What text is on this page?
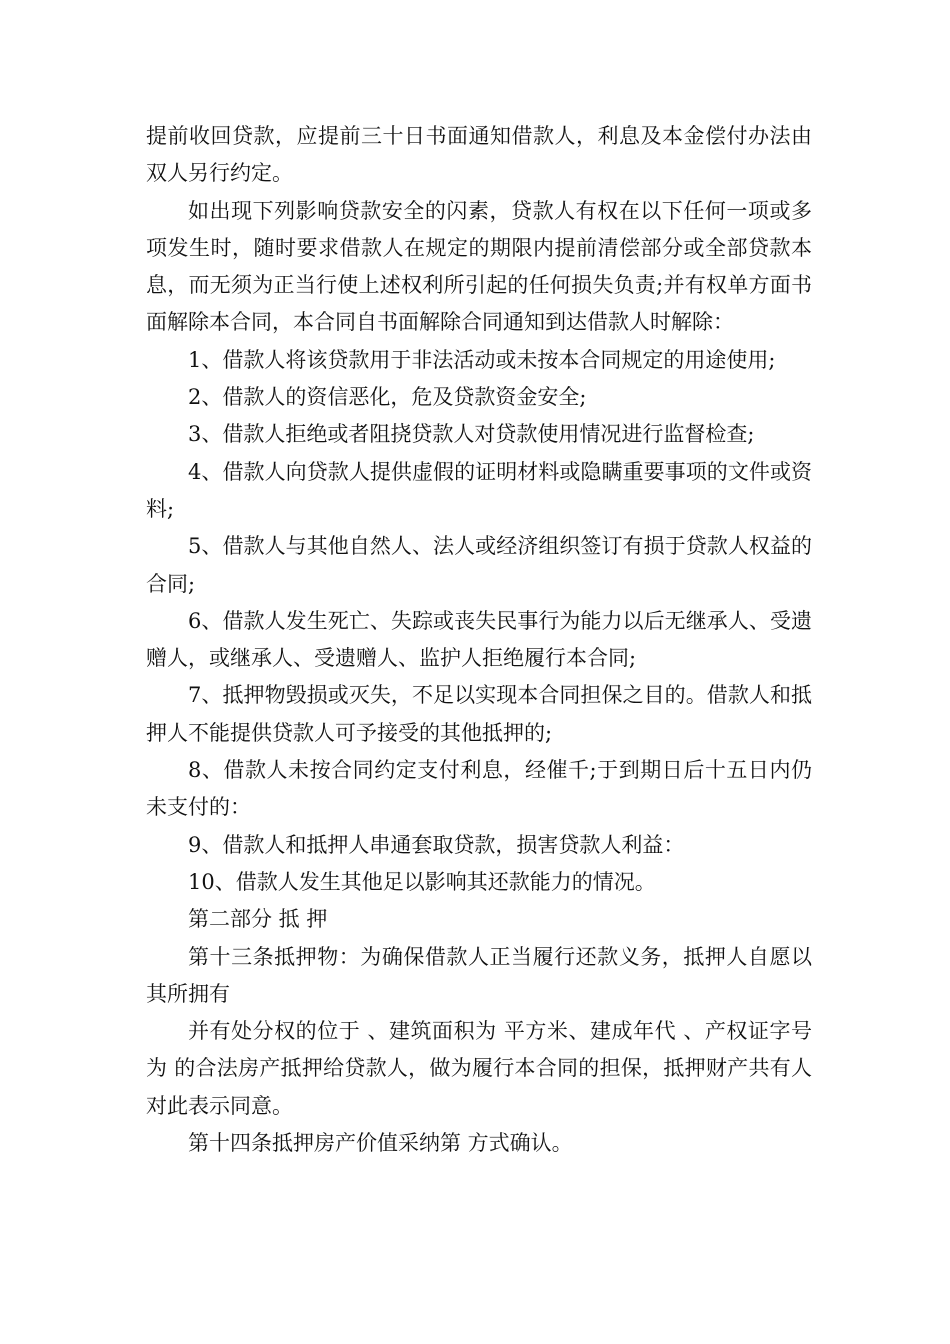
提前收回贷款，应提前三十日书面通知借款人，利息及本金偿付办法由双人另行约定。

如出现下列影响贷款安全的闪素，贷款人有权在以下任何一项或多项发生时，随时要求借款人在规定的期限内提前清偿部分或全部贷款本息，而无须为正当行使上述权利所引起的任何损失负责;并有权单方面书面解除本合同，本合同自书面解除合同通知到达借款人时解除：

1、借款人将该贷款用于非法活动或未按本合同规定的用途使用;

2、借款人的资信恶化，危及贷款资金安全;

3、借款人拒绝或者阻挠贷款人对贷款使用情况进行监督检查;

4、借款人向贷款人提供虚假的证明材料或隐瞒重要事项的文件或资料;

5、借款人与其他自然人、法人或经济组织签订有损于贷款人权益的合同;

6、借款人发生死亡、失踪或丧失民事行为能力以后无继承人、受遗赠人，或继承人、受遗赠人、监护人拒绝履行本合同;

7、抵押物毁损或灭失，不足以实现本合同担保之目的。借款人和抵押人不能提供贷款人可予接受的其他抵押的;

8、借款人未按合同约定支付利息，经催千;于到期日后十五日内仍未支付的：

9、借款人和抵押人串通套取贷款，损害贷款人利益：

10、借款人发生其他足以影响其还款能力的情况。

第二部分 抵 押

第十三条抵押物：为确保借款人正当履行还款义务，抵押人自愿以其所拥有

并有处分权的位于 、建筑面积为 平方米、建成年代 、产权证字号为 的合法房产抵押给贷款人，做为履行本合同的担保，抵押财产共有人对此表示同意。

第十四条抵押房产价值采纳第 方式确认。
